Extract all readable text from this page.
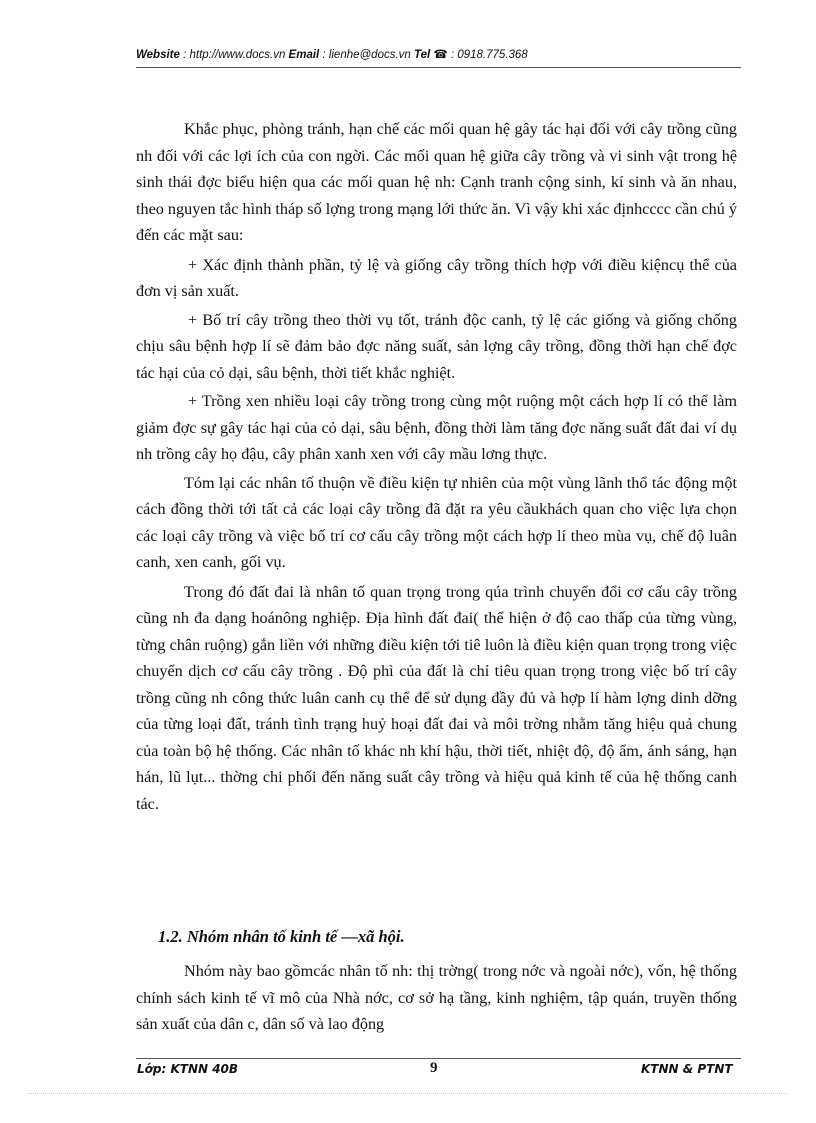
Website : http://www.docs.vn Email : lienhe@docs.vn Tel ☎ : 0918.775.368

Khắc phục, phòng tránh, hạn chế các mối quan hệ gây tác hại đối với cây trồng cũng nh đối với các lợi ích của con ngời. Các mối quan hệ giữa cây trồng và vi sinh vật trong hệ sinh thái đợc biểu hiện qua các mối quan hệ nh: Cạnh tranh cộng sinh, kí sinh và ăn nhau, theo nguyen tắc hình tháp số lợng trong mạng lới thức ăn. Vì vậy khi xác địnhcccc cần chú ý đến các mặt sau:

+ Xác định thành phần, tỷ lệ và giống cây trồng thích hợp với điều kiệncụ thể của đơn vị sản xuất.

+ Bố trí cây trồng theo thời vụ tốt, tránh độc canh, tỷ lệ các giống và giống chống chịu sâu bệnh hợp lí sẽ đảm bảo đợc năng suất, sản lợng cây trồng, đồng thời hạn chế đợc tác hại của cỏ dại, sâu bệnh, thời tiết khắc nghiệt.

+ Trồng xen nhiều loại cây trồng trong cùng một ruộng một cách hợp lí có thể làm giảm đợc sự gây tác hại của cỏ dại, sâu bệnh, đồng thời làm tăng đợc năng suất đất đai ví dụ nh trồng cây họ đậu, cây phân xanh xen với cây mầu lơng thực.

Tóm lại các nhân tố thuộn về điều kiện tự nhiên của một vùng lãnh thổ tác động một cách đồng thời tới tất cả các loại cây trồng đã đặt ra yêu cầukhách quan cho việc lựa chọn các loại cây trồng và việc bố trí cơ cấu cây trồng một cách hợp lí theo mùa vụ, chế độ luân canh, xen canh, gối vụ.

Trong đó đất đai là nhân tố quan trọng trong qúa trình chuyển đổi cơ cấu cây trồng cũng nh đa dạng hoánông nghiệp. Địa hình đất đai( thể hiện ở độ cao thấp của từng vùng, từng chân ruộng) gắn liền với những điều kiện tới tiê luôn là điều kiện quan trọng trong việc chuyển dịch cơ cấu cây trồng . Độ phì của đất là chỉ tiêu quan trọng trong việc bố trí cây trồng cũng nh công thức luân canh cụ thể để sử dụng đầy đủ và hợp lí hàm lợng dinh dỡng của từng loại đất, tránh tình trạng huỷ hoại đất đai và môi trờng nhằm tăng hiệu quả chung của toàn bộ hệ thống. Các nhân tố khác nh khí hậu, thời tiết, nhiệt độ, độ ẩm, ánh sáng, hạn hán, lũ lụt... thờng chi phối đến năng suất cây trồng và hiệu quả kinh tế của hệ thống canh tác.

1.2. Nhóm nhân tố kinh tế —xã hội.

Nhóm này bao gồmcác nhân tố nh: thị trờng( trong nớc và ngoài nớc), vốn, hệ thống chính sách kinh tế vĩ mô của Nhà nớc, cơ sở hạ tầng, kinh nghiệm, tập quán, truyền thống sản xuất của dân c, dân số và lao động

Lớp: KTNN 40B	9	KTNN & PTNT
